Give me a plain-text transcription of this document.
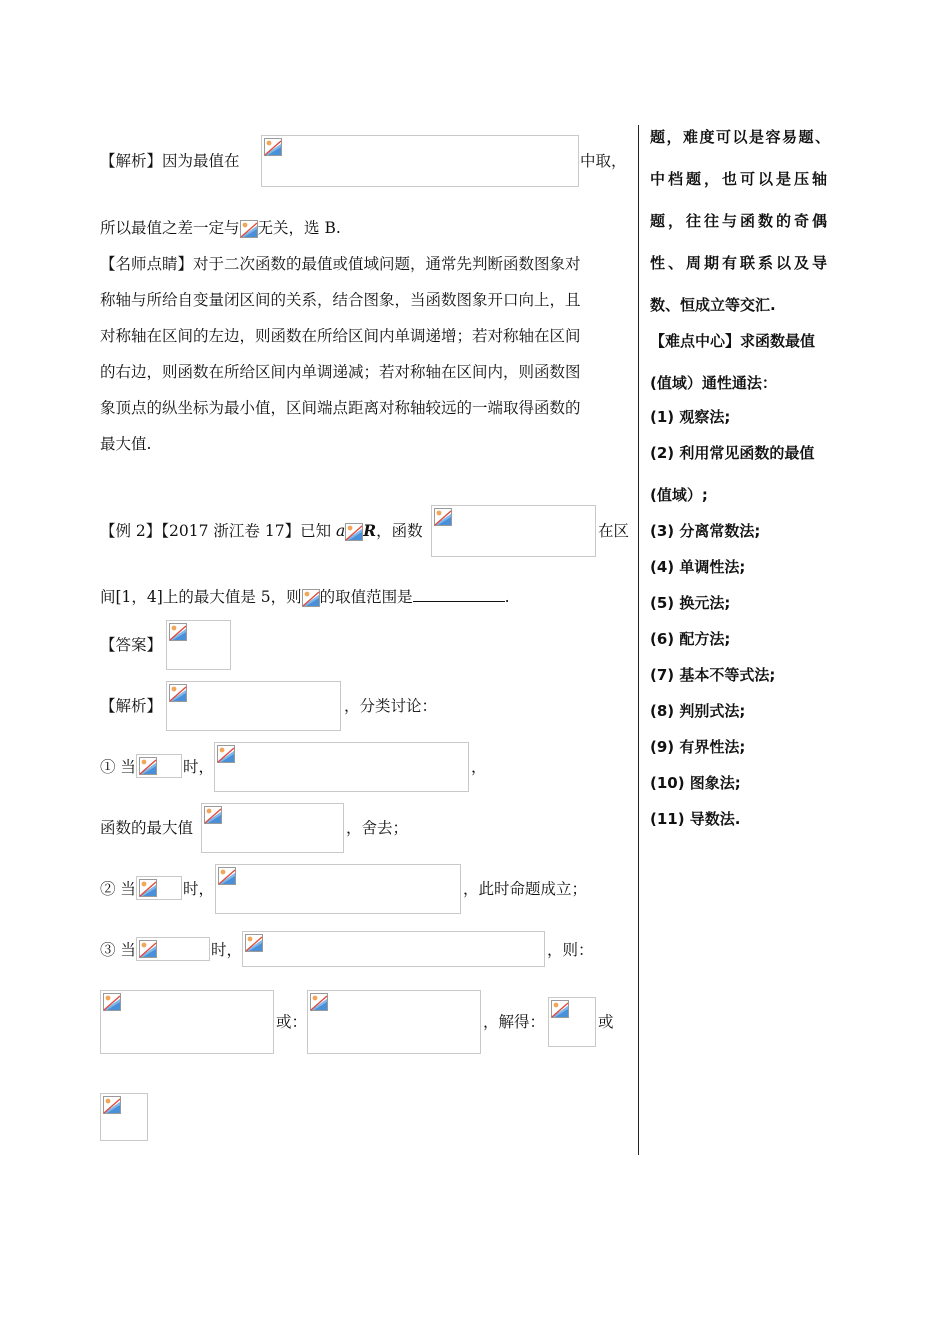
【解析】因为最值在	中取，
所以最值之差一定与 无关，选 B.
【名师点睛】对于二次函数的最值或值域问题，通常先判断函数图象对
称轴与所给自变量闭区间的关系，结合图象，当函数图象开口向上，且
对称轴在区间的左边，则函数在所给区间内单调递增；若对称轴在区间
的右边，则函数在所给区间内单调递减；若对称轴在区间内，则函数图
象顶点的纵坐标为最小值，区间端点距离对称轴较远的一端取得函数的
最大值.
【例 2】【2017 浙江卷 17】已知 a R，函数	在区
间[1，4]上的最大值是 5，则 的取值范围是	.
【答案】
【解析】	，分类讨论：
① 当	时，	，
函数的最大值	，舍去；
② 当	时，	，此时命题成立；
③ 当	时，	，则：
或：	，解得：	或
题，难度可以是容易题、
中档题，也可以是压轴
题，往往与函数的奇偶
性、周期有联系以及导
数、恒成立等交汇.
【难点中心】求函数最值
(值域）通性通法：
(1) 观察法;
(2) 利用常见函数的最值
(值域）;
(3) 分离常数法;
(4) 单调性法;
(5) 换元法;
(6) 配方法;
(7) 基本不等式法;
(8) 判别式法;
(9) 有界性法;
(10) 图象法;
(11) 导数法.
